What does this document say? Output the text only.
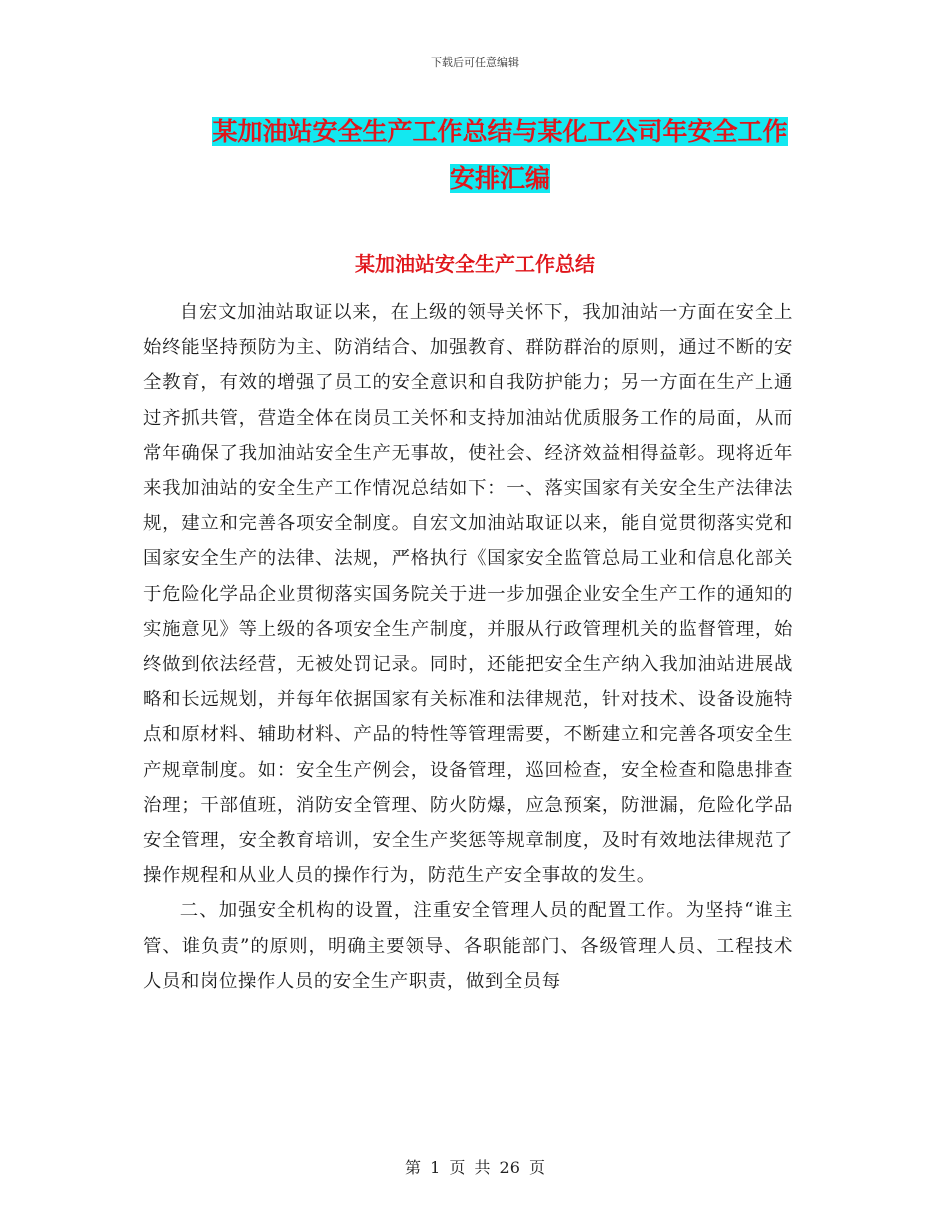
下载后可任意编辑
某加油站安全生产工作总结与某化工公司年安全工作
安排汇编
某加油站安全生产工作总结

自宏文加油站取证以来，在上级的领导关怀下，我加油站一方面在安全上始终能坚持预防为主、防消结合、加强教育、群防群治的原则，通过不断的安全教育，有效的增强了员工的安全意识和自我防护能力；另一方面在生产上通过齐抓共管，营造全体在岗员工关怀和支持加油站优质服务工作的局面，从而常年确保了我加油站安全生产无事故，使社会、经济效益相得益彰。现将近年来我加油站的安全生产工作情况总结如下：一、落实国家有关安全生产法律法规，建立和完善各项安全制度。自宏文加油站取证以来，能自觉贯彻落实党和国家安全生产的法律、法规，严格执行《国家安全监管总局工业和信息化部关于危险化学品企业贯彻落实国务院关于进一步加强企业安全生产工作的通知的实施意见》等上级的各项安全生产制度，并服从行政管理机关的监督管理，始终做到依法经营，无被处罚记录。同时，还能把安全生产纳入我加油站进展战略和长远规划，并每年依据国家有关标准和法律规范，针对技术、设备设施特点和原材料、辅助材料、产品的特性等管理需要，不断建立和完善各项安全生产规章制度。如：安全生产例会，设备管理，巡回检查，安全检查和隐患排查治理；干部值班，消防安全管理、防火防爆，应急预案，防泄漏，危险化学品安全管理，安全教育培训，安全生产奖惩等规章制度，及时有效地法律规范了操作规程和从业人员的操作行为，防范生产安全事故的发生。

二、加强安全机构的设置，注重安全管理人员的配置工作。为坚持“谁主管、谁负责”的原则，明确主要领导、各职能部门、各级管理人员、工程技术人员和岗位操作人员的安全生产职责，做到全员每

第 1 页 共 26 页
